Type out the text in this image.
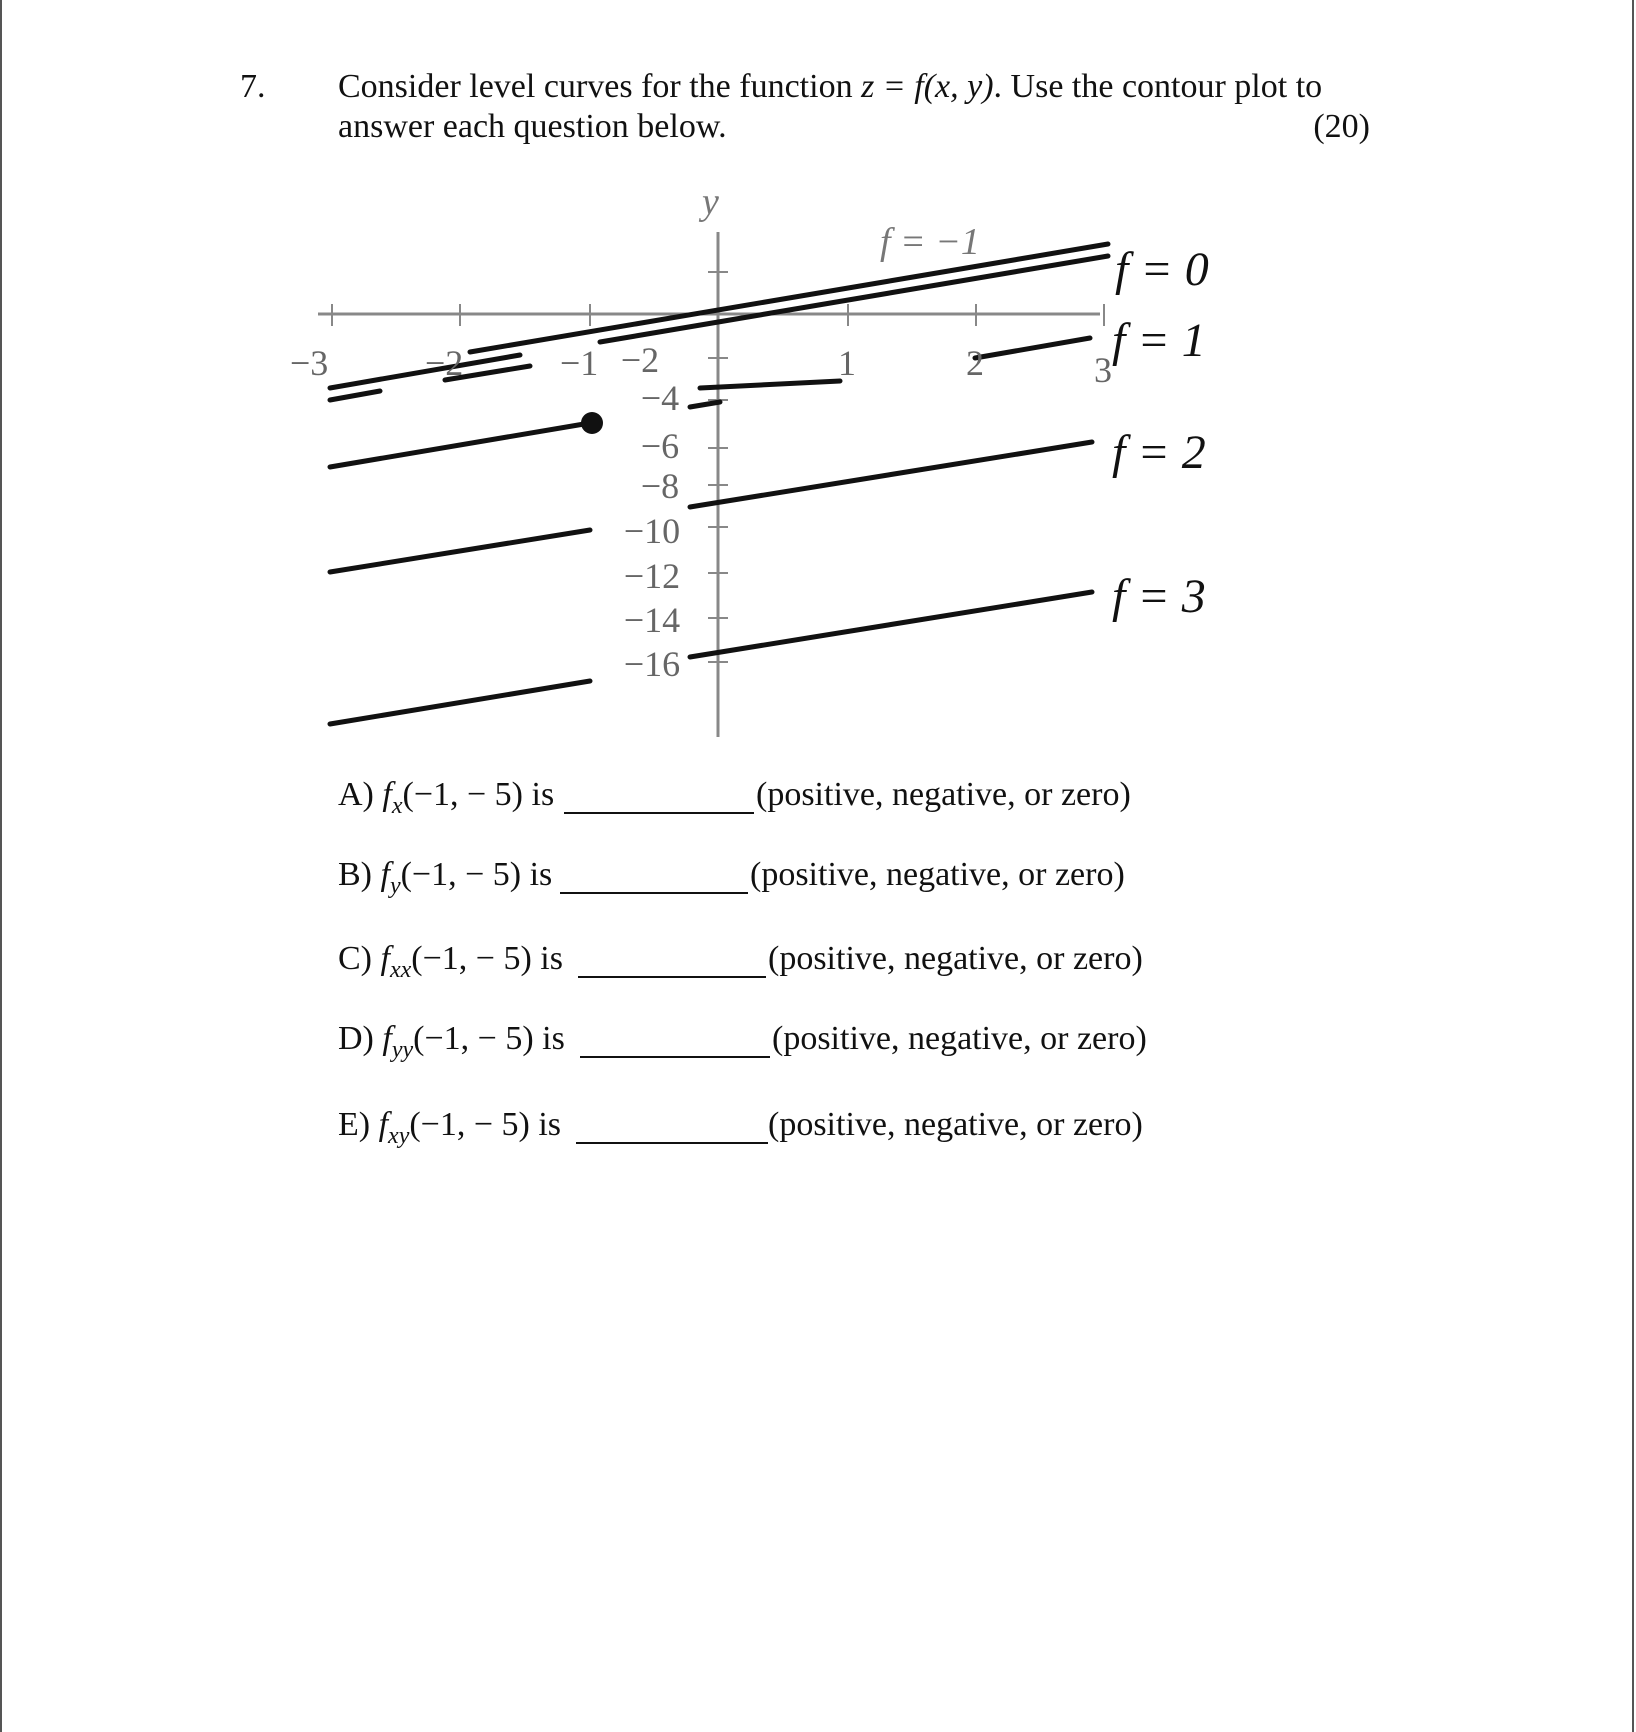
7. Consider level curves for the function z = f(x, y). Use the contour plot to
answer each question below.	(20)
y
−3	−2	−1	1	2	3
−2
−4
−6
−8
−10
−12
−14
−16
f = −1
f = 0
f = 1
f = 2
f = 3
A) $f_x(-1$, − 5) is	(positive, negative, or zero)
B) $f_y(-1$, − 5) is	(positive, negative, or zero)
C) $f_{xx}(-1$, − 5) is	(positive, negative, or zero)
D) $f_{yy}(-1$, − 5) is	(positive, negative, or zero)
E) $f_{xy}(-1$, − 5) is	(positive, negative, or zero)
